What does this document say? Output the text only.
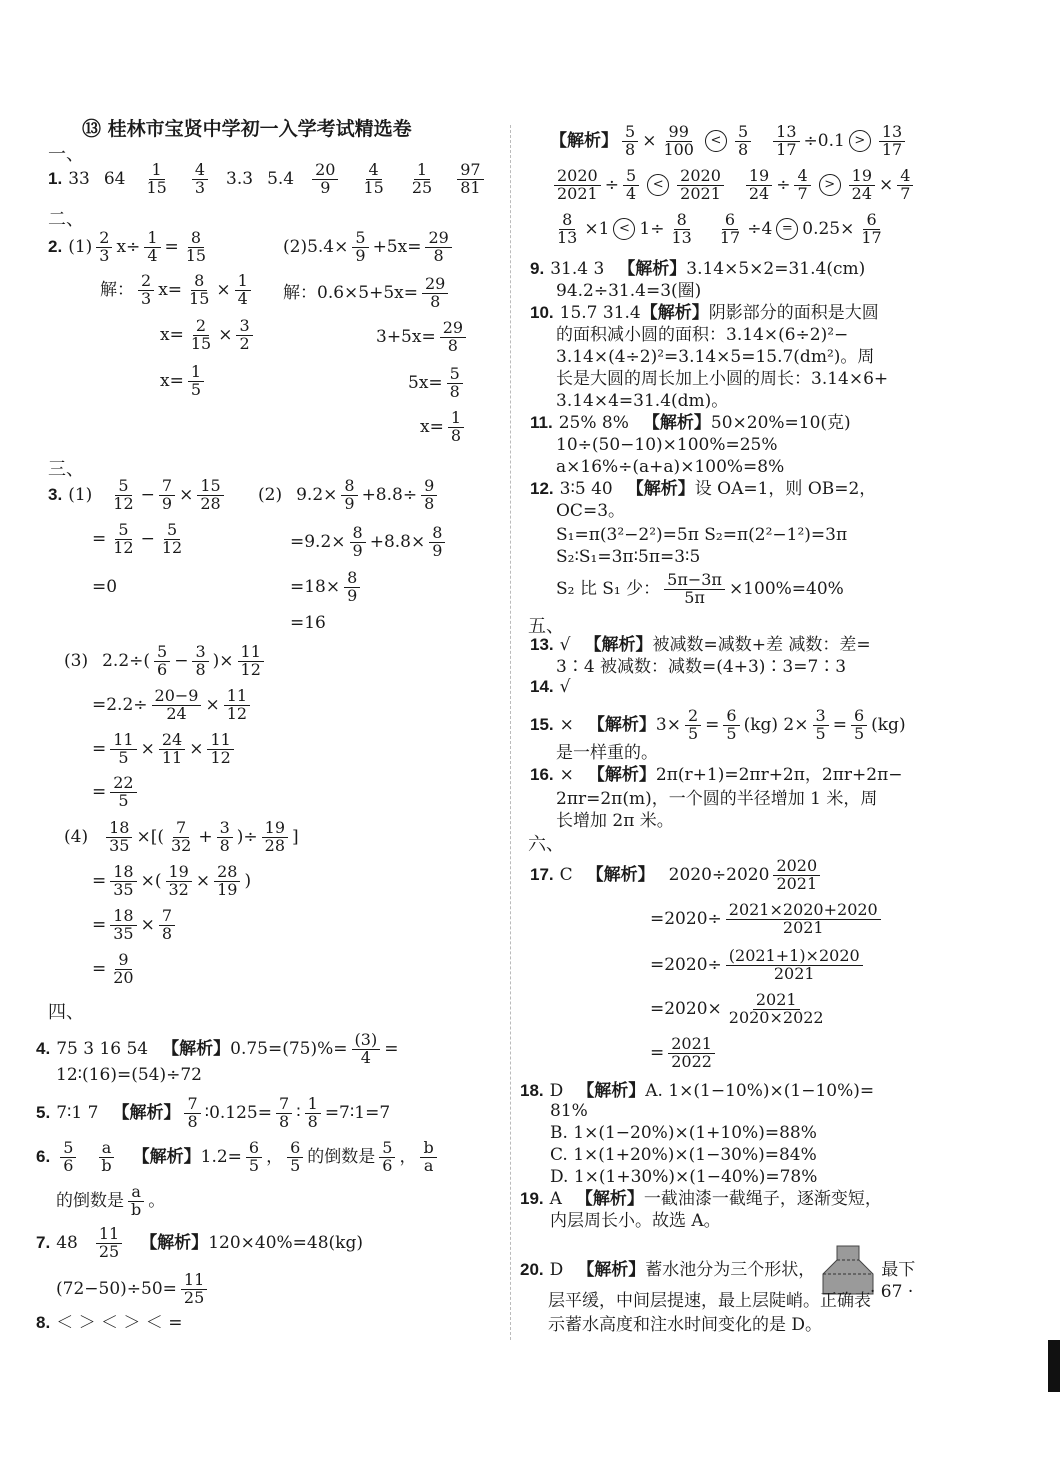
⑬ 桂林市宝贤中学初一入学考试精选卷
一、
1. 33 64 1
15
4
3 3.3 5.4 20
9
4
15
1
25
97
81
二、
2. (1) 2
3 $x\div \frac{1}{4} = \frac{8}{15}$	$(2)5.4\times \frac{5}{9} +5x= \frac{29}{8}$
解： 2
3 $x= \frac{8}{15} \times \frac{1}{4}$ 解：$0.6\times 5+5x= \frac{29}{8}$
$x= \frac{2}{15} \times \frac{3}{2}$	$3+5x= \frac{29}{8}$
$x= \frac{1}{5}$	$5x= \frac{5}{8}$
$x= \frac{1}{8}$
三、
3. (1) 5
$12 - \frac{7}{9} \times \frac{15}{28} (2)$ $9.2\times \frac{8}{9} +8.8\div \frac{9}{8}$
= $\frac{5}{12} - \frac{5}{12}$	$=9.2\times \frac{8}{9} +8.8\times \frac{8}{9}$
=0	$=18\times \frac{8}{9}$
=16
(3) 2.2÷( 5
$6 - \frac{3}{8}$ )× $\frac{11}{12}$
$=2.2\div \frac{20-9}{24} \times \frac{11}{12}$
= $\frac{11}{5} \times \frac{24}{11} \times \frac{11}{12}$
= $\frac{22}{5}$
$(4) \frac{18}{35}$ ×[( 7
$32 + \frac{3}{8}$ )÷ $\frac{19}{28}$ ]
= $\frac{18}{35}$ ×( $\frac{19}{32} \times \frac{28}{19}$ )
= $\frac{18}{35} \times \frac{7}{8}$
= $\frac{9}{20}$
四、
4. 75 3 16 54 【解析】 $0.75=(75)\%= \frac{(3)}{4}$ =
12∶(16)=(54)÷72
5. 7∶1 7 【解析】 7
8 ∶0.125= $\frac{7}{8}$ ∶ $\frac{1}{8}$ =7∶1=7
6. 5
6
a
b 【解析】 $1.2= \frac{6}{5}$ ， 6
5 的倒数是 5
6 ， b
a
的倒数是 a
b 。
7. 48 11
25 【解析】 120×40%=48(kg)
$(72-50)\div 50= \frac{11}{25}$
8. ＜ ＞ ＜ ＞ ＜ =
【解析】 $\frac{5}{8} \times \frac{99}{100}$	<	5
$8 \frac{13}{17} \div 0.1$ >	13
17
$\frac{2020}{2021} \div \frac{5}{4}$	<	2020
$2021 \frac{19}{24} \div \frac{4}{7}$	> $\frac{19}{24} \times \frac{4}{7}$
$\frac{8}{13} \times 1 < 1\div \frac{8}{13} \frac{6}{17} \div 4 = 0.25\times \frac{6}{17}$
9. 31.4 3 【解析】 3.14×5×2=31.4(cm)
94.2÷31.4=3(圈)
10. 15.7 31.4 【解析】 阴影部分的面积是大圆
的面积减小圆的面积：3.14×(6÷2)²−
3.14×(4÷2)²=3.14×5=15.7(dm²)。周
长是大圆的周长加上小圆的周长：3.14×6+
3.14×4=31.4(dm)。
11. 25% 8% 【解析】 50×20%=10(克)
10÷(50−10)×100%=25%
a×16%÷(a+a)×100%=8%
12. 3∶5 40 【解析】 设 OA=1，则 OB=2，
OC=3。
S₁=π(3²−2²)=5π S₂=π(2²−1²)=3π
S₂∶S₁=3π∶5π=3∶5
S₂ 比 S₁ 少： $\frac{5\pi-3\pi}{5\pi} \times 100\%=40\%$
五、
13. √ 【解析】 被减数=减数+差 减数：差=
3∶4 被减数：减数=(4+3)∶3=7∶3
14. √
15. × 【解析】 $3\times \frac{2}{5} = 6$
5 (kg) $2\times \frac{3}{5} = 6$
5 (kg)
是一样重的。
16. × 【解析】 2π(r+1)=2πr+2π，2πr+2π−
2πr=2π(m)，一个圆的半径增加 1 米，周
长增加 2π 米。
六、
17. C 【解析】 2020÷2020 2020
2021
$=2020\div \frac{2021\times 2020+2020}{2021}$
$=2020\div \frac{(2021+1)\times 2020}{2021}$
$=2020\times \frac{2021}{2020\times 2022}$
= $\frac{2021}{2022}$
18. D 【解析】 A. 1×(1−10%)×(1−10%)=
81%
B. 1×(1−20%)×(1+10%)=88%
C. 1×(1+20%)×(1−30%)=84%
D. 1×(1+30%)×(1−40%)=78%
19. A 【解析】 一截油漆一截绳子，逐渐变短，
内层周长小。故选 A。
20. D 【解析】 蓄水池分为三个形状，	最下
层平缓，中间层提速，最上层陡峭。正确表
示蓄水高度和注水时间变化的是 D。
· 67 ·
